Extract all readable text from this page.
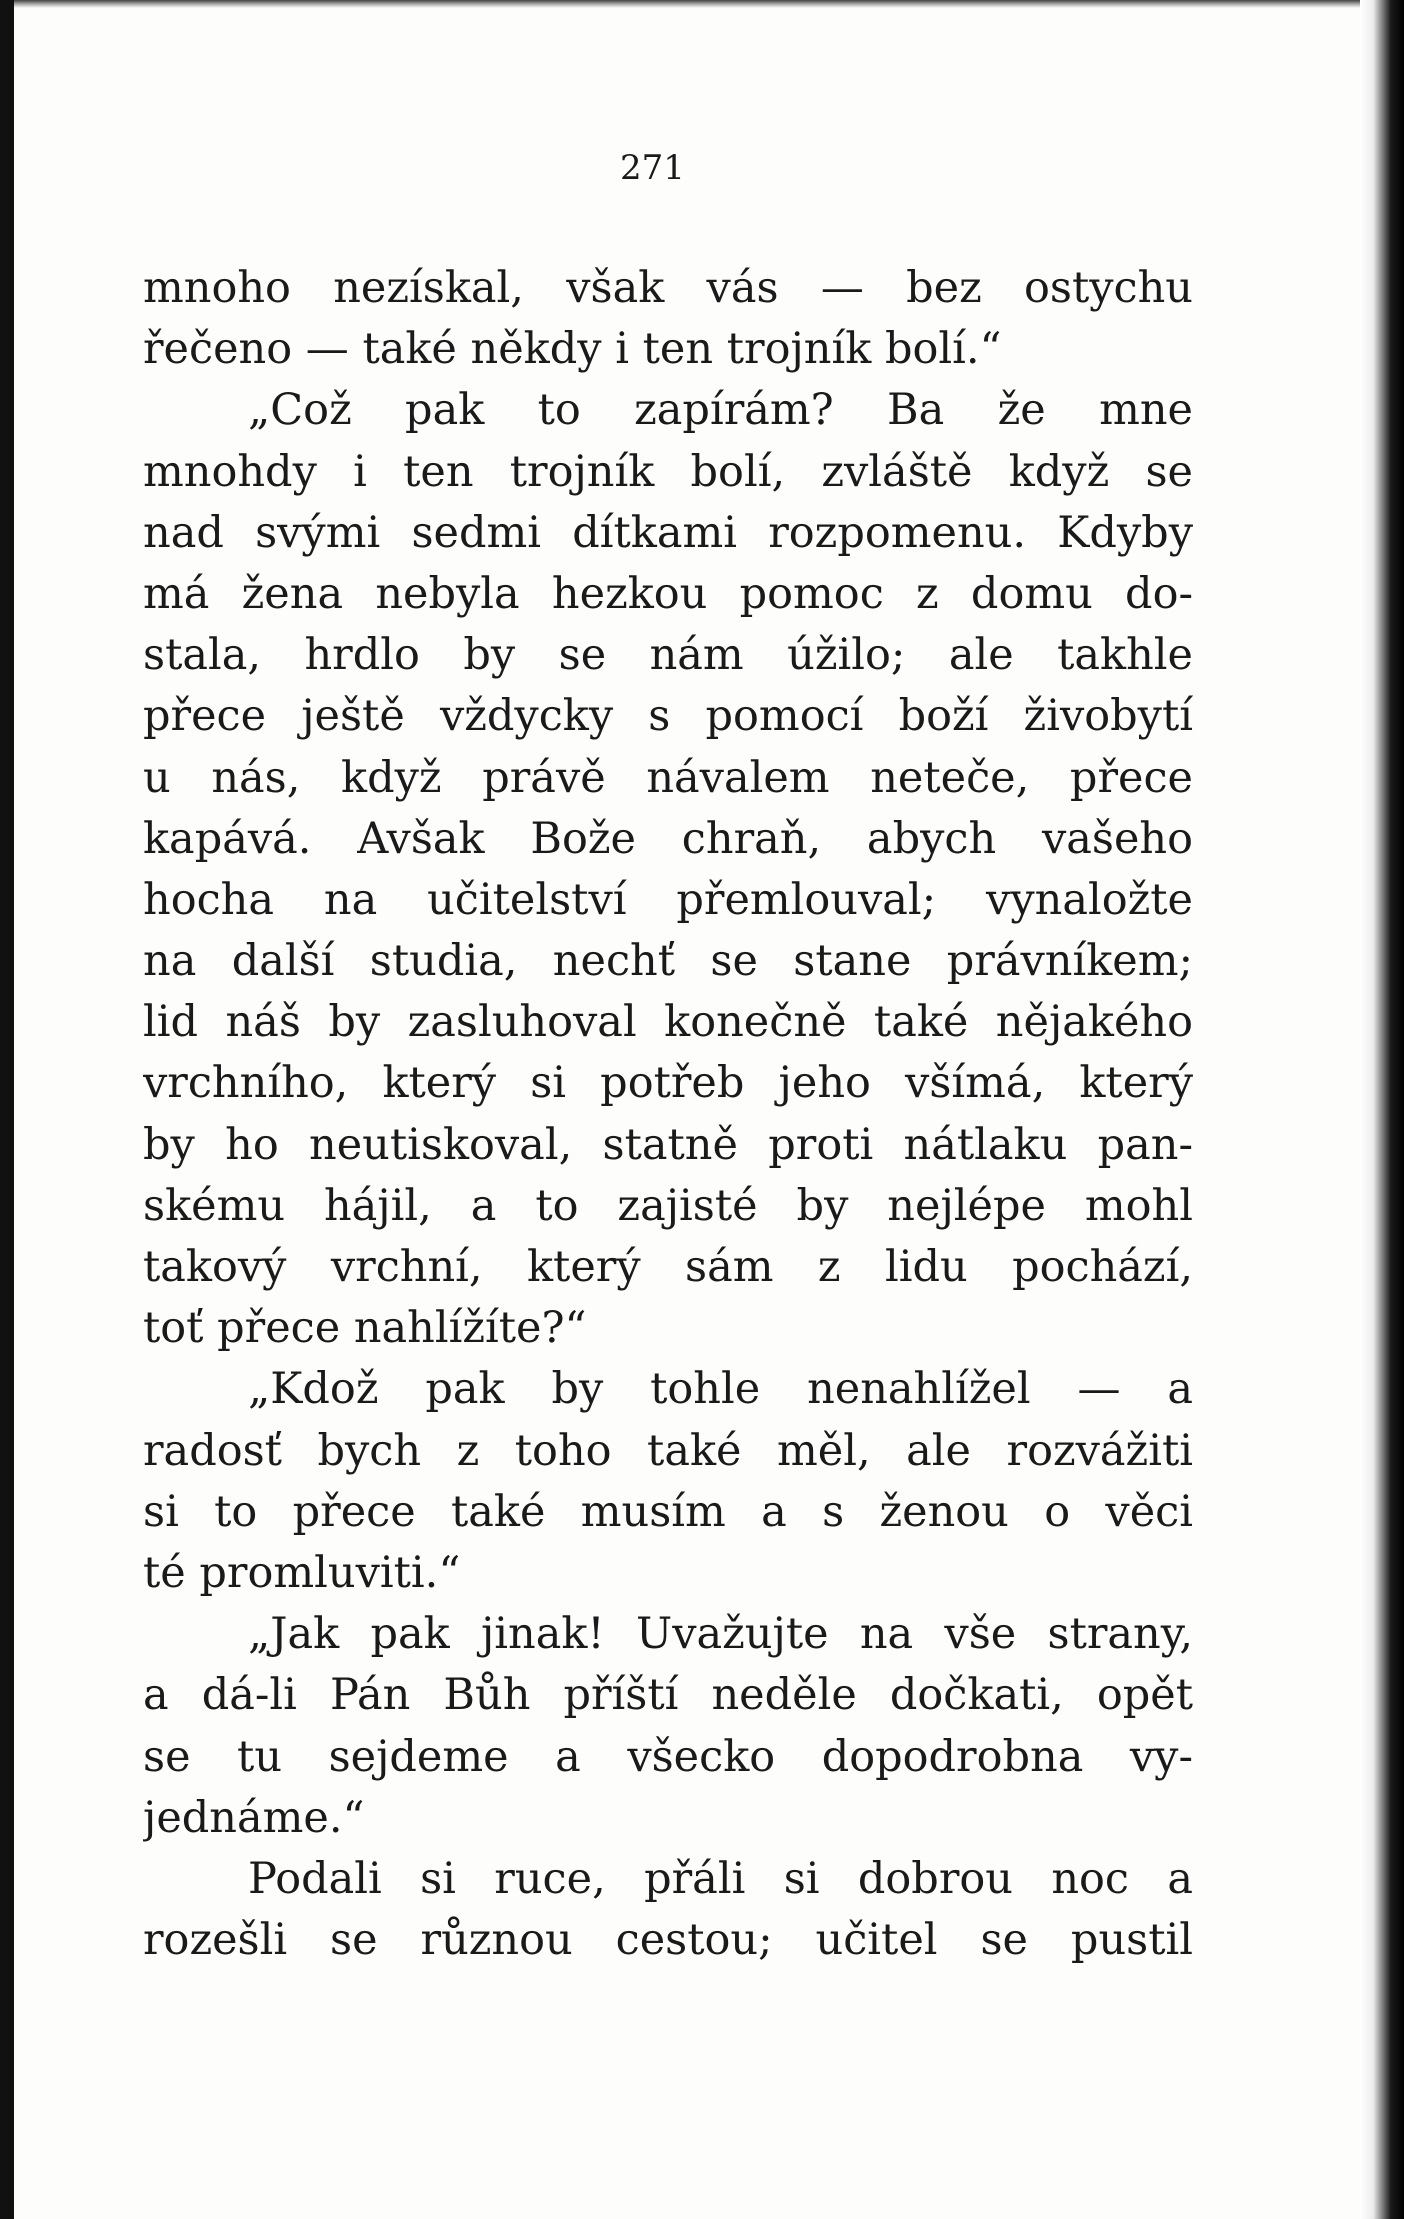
271
mnoho nezískal, však vás — bez ostychu
řečeno — také někdy i ten trojník bolí.“
„Což pak to zapírám? Ba že mne
mnohdy i ten trojník bolí, zvláště když se
nad svými sedmi dítkami rozpomenu. Kdyby
má žena nebyla hezkou pomoc z domu do-
stala, hrdlo by se nám úžilo; ale takhle
přece ještě vždycky s pomocí boží živobytí
u nás, když právě návalem neteče, přece
kapává. Avšak Bože chraň, abych vašeho
hocha na učitelství přemlouval; vynaložte
na další studia, nechť se stane právníkem;
lid náš by zasluhoval konečně také nějakého
vrchního, který si potřeb jeho všímá, který
by ho neutiskoval, statně proti nátlaku pan-
skému hájil, a to zajisté by nejlépe mohl
takový vrchní, který sám z lidu pochází,
toť přece nahlížíte?“
„Kdož pak by tohle nenahlížel — a
radosť bych z toho také měl, ale rozvážiti
si to přece také musím a s ženou o věci
té promluviti.“
„Jak pak jinak! Uvažujte na vše strany,
a dá-li Pán Bůh příští neděle dočkati, opět
se tu sejdeme a všecko dopodrobna vy-
jednáme.“
Podali si ruce, přáli si dobrou noc a
rozešli se různou cestou; učitel se pustil
